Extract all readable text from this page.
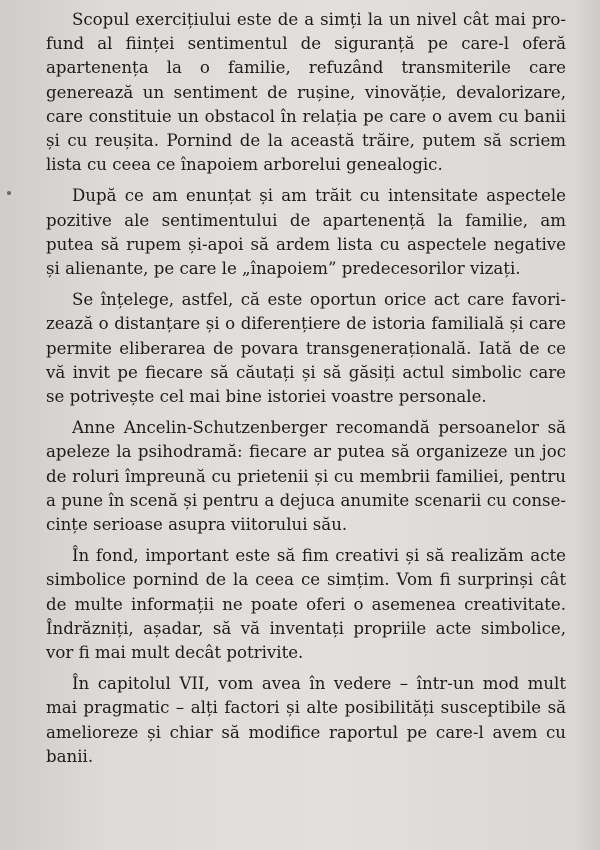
Scopul exercițiului este de a simți la un nivel cât mai profund al ființei sentimentul de siguranță pe care-l oferă apartenența la o familie, refuzând transmiterile care generează un sentiment de rușine, vinovăție, devalorizare, care constituie un obstacol în relația pe care o avem cu banii și cu reușita. Pornind de la această trăire, putem să scriem lista cu ceea ce înapoiem arborelui genealogic.

După ce am enunțat și am trăit cu intensitate aspectele pozitive ale sentimentului de apartenență la familie, am putea să rupem și-apoi să ardem lista cu aspectele negative și alienante, pe care le „înapoiem” predecesorilor vizați.

Se înțelege, astfel, că este oportun orice act care favorizează o distanțare și o diferențiere de istoria familială și care permite eliberarea de povara transgenerațională. Iată de ce vă invit pe fiecare să căutați și să găsiți actul simbolic care se potrivește cel mai bine istoriei voastre personale.

Anne Ancelin-Schutzenberger recomandă persoanelor să apeleze la psihodramă: fiecare ar putea să organizeze un joc de roluri împreună cu prietenii și cu membrii familiei, pentru a pune în scenă și pentru a dejuca anumite scenarii cu consecințe serioase asupra viitorului său.

În fond, important este să fim creativi și să realizăm acte simbolice pornind de la ceea ce simțim. Vom fi surprinși cât de multe informații ne poate oferi o asemenea creativitate. Îndrăzniți, așadar, să vă inventați propriile acte simbolice, vor fi mai mult decât potrivite.

În capitolul VII, vom avea în vedere – într-un mod mult mai pragmatic – alți factori și alte posibilități susceptibile să amelioreze și chiar să modifice raportul pe care-l avem cu banii.
